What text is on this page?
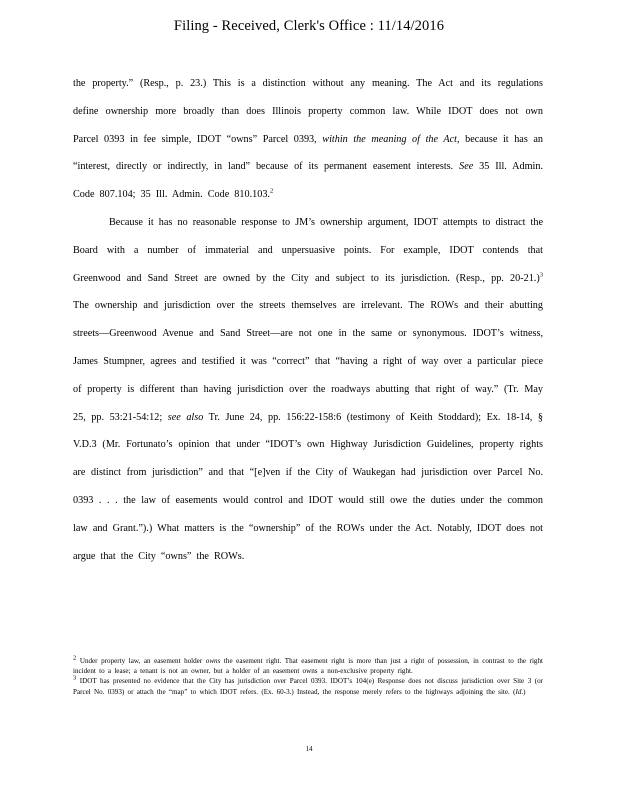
Filing - Received, Clerk's Office : 11/14/2016

the property.” (Resp., p. 23.) This is a distinction without any meaning. The Act and its regulations define ownership more broadly than does Illinois property common law. While IDOT does not own Parcel 0393 in fee simple, IDOT “owns” Parcel 0393, within the meaning of the Act, because it has an “interest, directly or indirectly, in land” because of its permanent easement interests. See 35 Ill. Admin. Code 807.104; 35 Ill. Admin. Code 810.103.$^2$

Because it has no reasonable response to JM’s ownership argument, IDOT attempts to distract the Board with a number of immaterial and unpersuasive points. For example, IDOT contends that Greenwood and Sand Street are owned by the City and subject to its jurisdiction. (Resp., pp. 20-21.)$^3$ The ownership and jurisdiction over the streets themselves are irrelevant. The ROWs and their abutting streets—Greenwood Avenue and Sand Street—are not one in the same or synonymous. IDOT’s witness, James Stumpner, agrees and testified it was “correct” that “having a right of way over a particular piece of property is different than having jurisdiction over the roadways abutting that right of way.” (Tr. May 25, pp. 53:21-54:12; see also Tr. June 24, pp. 156:22-158:6 (testimony of Keith Stoddard); Ex. 18-14, § V.D.3 (Mr. Fortunato’s opinion that under “IDOT’s own Highway Jurisdiction Guidelines, property rights are distinct from jurisdiction” and that “[e]ven if the City of Waukegan had jurisdiction over Parcel No. 0393 . . . the law of easements would control and IDOT would still owe the duties under the common law and Grant.”).) What matters is the “ownership” of the ROWs under the Act. Notably, IDOT does not argue that the City “owns” the ROWs.

$^2$ Under property law, an easement holder owns the easement right. That easement right is more than just a right of possession, in contrast to the right incident to a lease; a tenant is not an owner, but a holder of an easement owns a non-exclusive property right.

$^3$ IDOT has presented no evidence that the City has jurisdiction over Parcel 0393. IDOT’s 104(e) Response does not discuss jurisdiction over Site 3 (or Parcel No. 0393) or attach the “map” to which IDOT refers. (Ex. 60-3.) Instead, the response merely refers to the highways adjoining the site. (Id.)

14
